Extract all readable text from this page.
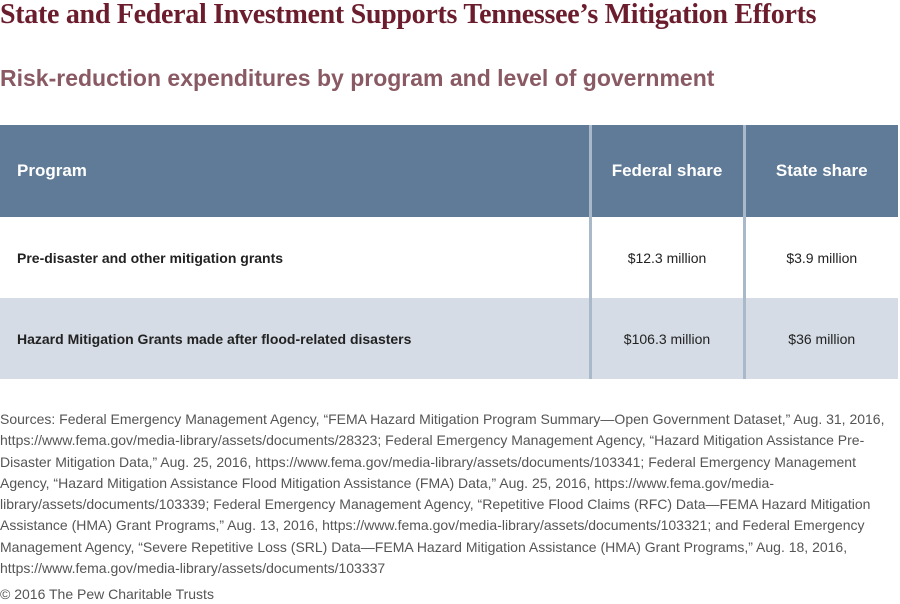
State and Federal Investment Supports Tennessee’s Mitigation Efforts
Risk-reduction expenditures by program and level of government
Program	Federal share	State share
Pre-disaster and other mitigation grants	$12.3 million	$3.9 million
Hazard Mitigation Grants made after flood-related disasters	$106.3 million	$36 million

Sources: Federal Emergency Management Agency, “FEMA Hazard Mitigation Program Summary—Open Government Dataset,” Aug. 31, 2016, https://www.fema.gov/media-library/assets/documents/28323; Federal Emergency Management Agency, “Hazard Mitigation Assistance Pre-Disaster Mitigation Data,” Aug. 25, 2016, https://www.fema.gov/media-library/assets/documents/103341; Federal Emergency Management Agency, “Hazard Mitigation Assistance Flood Mitigation Assistance (FMA) Data,” Aug. 25, 2016, https://www.fema.gov/media-library/assets/documents/103339; Federal Emergency Management Agency, “Repetitive Flood Claims (RFC) Data—FEMA Hazard Mitigation Assistance (HMA) Grant Programs,” Aug. 13, 2016, https://www.fema.gov/media-library/assets/documents/103321; and Federal Emergency Management Agency, “Severe Repetitive Loss (SRL) Data—FEMA Hazard Mitigation Assistance (HMA) Grant Programs,” Aug. 18, 2016, https://www.fema.gov/media-library/assets/documents/103337

© 2016 The Pew Charitable Trusts
